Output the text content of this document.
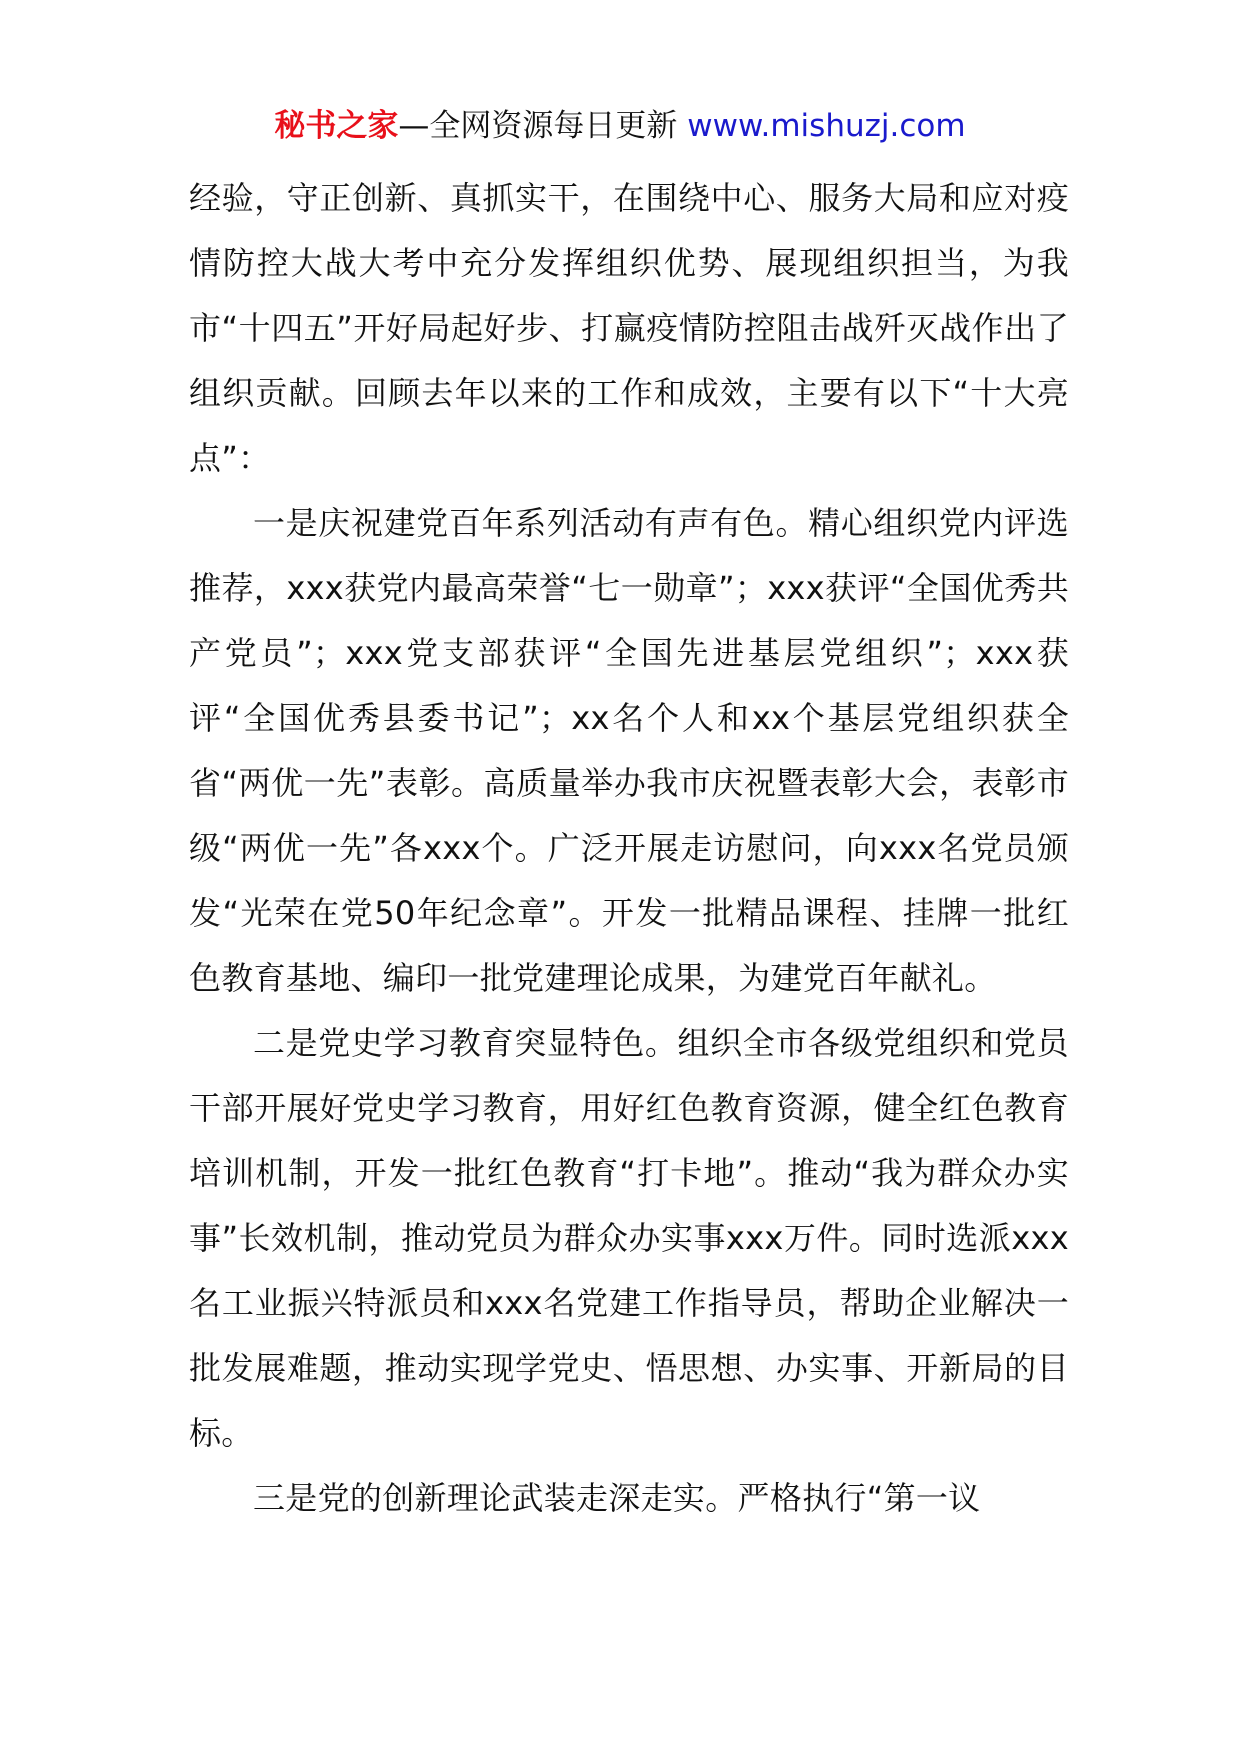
秘书之家—全网资源每日更新 www.mishuzj.com

经验，守正创新、真抓实干，在围绕中心、服务大局和应对疫情防控大战大考中充分发挥组织优势、展现组织担当，为我市“十四五”开好局起好步、打赢疫情防控阻击战歼灭战作出了组织贡献。回顾去年以来的工作和成效，主要有以下“十大亮点”：

一是庆祝建党百年系列活动有声有色。精心组织党内评选推荐，xxx获党内最高荣誉“七一勋章”；xxx获评“全国优秀共产党员”；xxx党支部获评“全国先进基层党组织”；xxx获评“全国优秀县委书记”；xx名个人和xx个基层党组织获全省“两优一先”表彰。高质量举办我市庆祝暨表彰大会，表彰市级“两优一先”各xxx个。广泛开展走访慰问，向xxx名党员颁发“光荣在党50年纪念章”。开发一批精品课程、挂牌一批红色教育基地、编印一批党建理论成果，为建党百年献礼。

二是党史学习教育突显特色。组织全市各级党组织和党员干部开展好党史学习教育，用好红色教育资源，健全红色教育培训机制，开发一批红色教育“打卡地”。推动“我为群众办实事”长效机制，推动党员为群众办实事xxx万件。同时选派xxx名工业振兴特派员和xxx名党建工作指导员，帮助企业解决一批发展难题，推动实现学党史、悟思想、办实事、开新局的目标。

三是党的创新理论武装走深走实。严格执行“第一议
